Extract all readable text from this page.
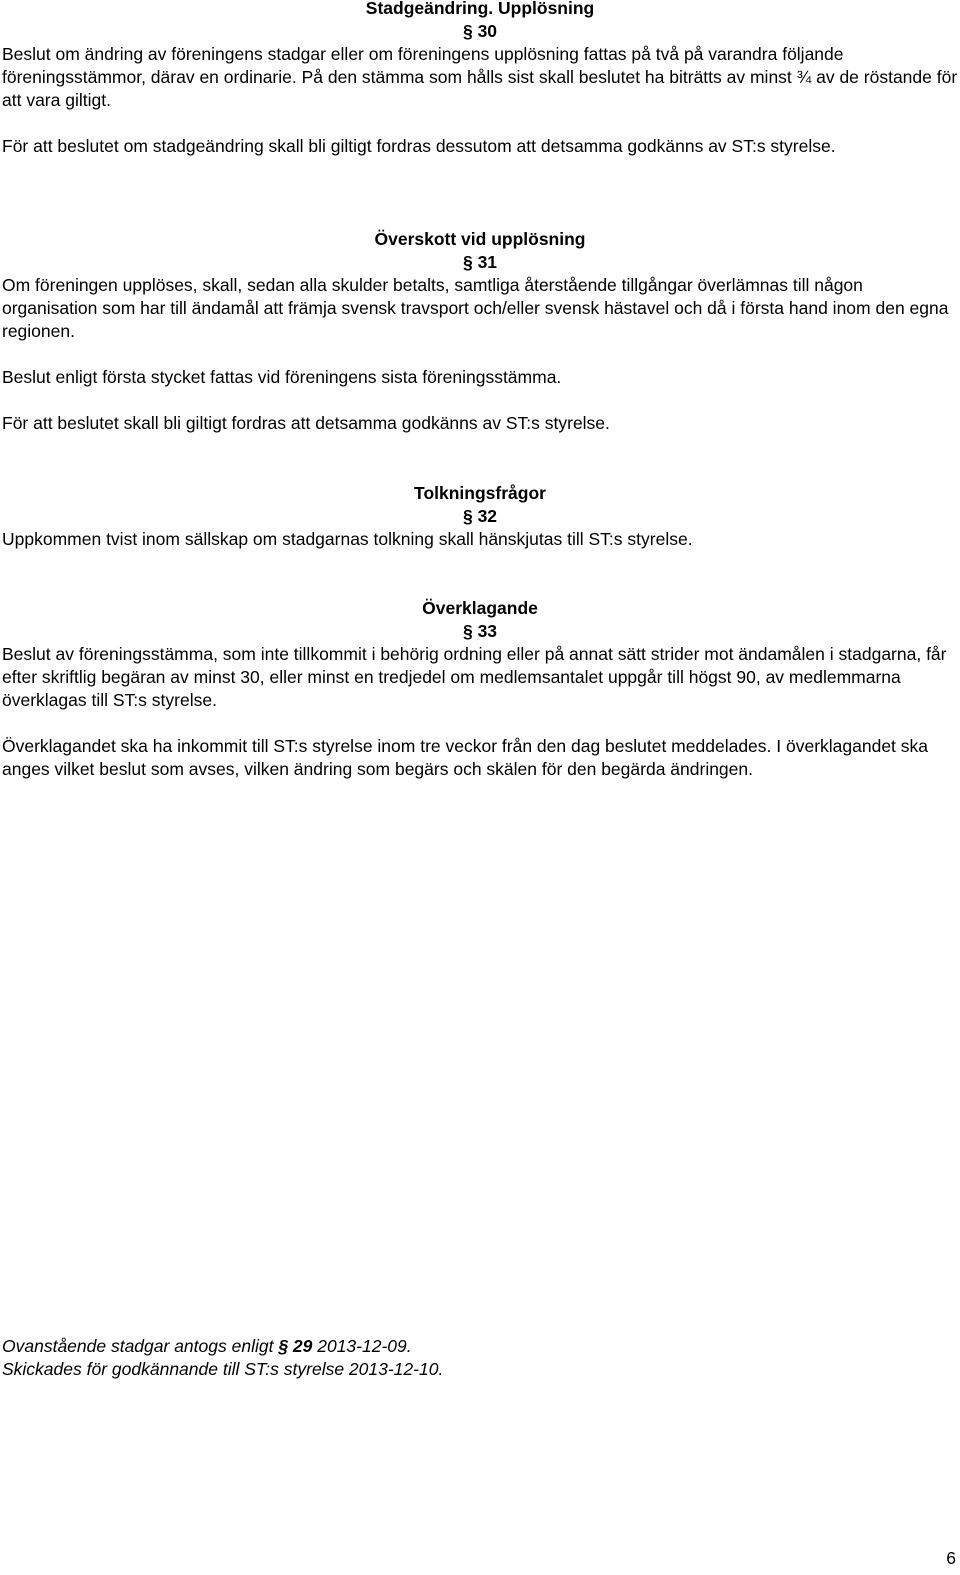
Stadgeändring. Upplösning

§ 30

Beslut om ändring av föreningens stadgar eller om föreningens upplösning fattas på två på varandra följande föreningsstämmor, därav en ordinarie. På den stämma som hålls sist skall beslutet ha biträtts av minst ¾ av de röstande för att vara giltigt.

För att beslutet om stadgeändring skall bli giltigt fordras dessutom att detsamma godkänns av ST:s styrelse.

Överskott vid upplösning

§ 31

Om föreningen upplöses, skall, sedan alla skulder betalts, samtliga återstående tillgångar överlämnas till någon organisation som har till ändamål att främja svensk travsport och/eller svensk hästavel och då i första hand inom den egna regionen.

Beslut enligt första stycket fattas vid föreningens sista föreningsstämma.

För att beslutet skall bli giltigt fordras att detsamma godkänns av ST:s styrelse.

Tolkningsfrågor

§ 32

Uppkommen tvist inom sällskap om stadgarnas tolkning skall hänskjutas till ST:s styrelse.

Överklagande

§ 33

Beslut av föreningsstämma, som inte tillkommit i behörig ordning eller på annat sätt strider mot ändamålen i stadgarna, får efter skriftlig begäran av minst 30, eller minst en tredjedel om medlemsantalet uppgår till högst 90, av medlemmarna överklagas till ST:s styrelse.

Överklagandet ska ha inkommit till ST:s styrelse inom tre veckor från den dag beslutet meddelades. I överklagandet ska anges vilket beslut som avses, vilken ändring som begärs och skälen för den begärda ändringen.

Ovanstående stadgar antogs enligt § 29 2013-12-09.

Skickades för godkännande till ST:s styrelse 2013-12-10.

6
